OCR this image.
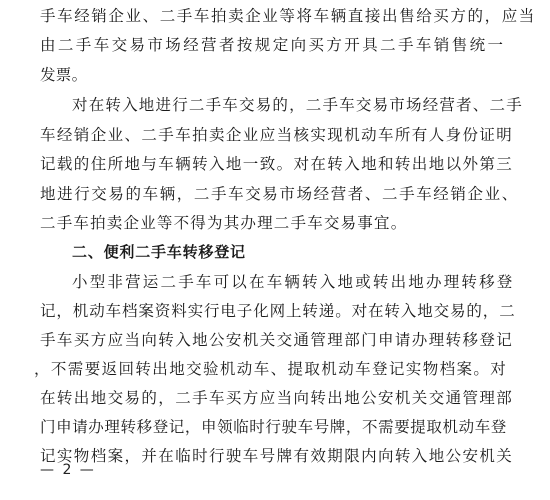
手车经销企业、二手车拍卖企业等将车辆直接出售给买方的，应当
由二手车交易市场经营者按规定向买方开具二手车销售统一
发票。
对在转入地进行二手车交易的，二手车交易市场经营者、二手
车经销企业、二手车拍卖企业应当核实现机动车所有人身份证明
记载的住所地与车辆转入地一致。对在转入地和转出地以外第三
地进行交易的车辆，二手车交易市场经营者、二手车经销企业、
二手车拍卖企业等不得为其办理二手车交易事宜。
二、便利二手车转移登记
小型非营运二手车可以在车辆转入地或转出地办理转移登
记，机动车档案资料实行电子化网上转递。对在转入地交易的，二
手车买方应当向转入地公安机关交通管理部门申请办理转移登记
，不需要返回转出地交验机动车、提取机动车登记实物档案。对
在转出地交易的，二手车买方应当向转出地公安机关交通管理部
门申请办理转移登记，申领临时行驶车号牌，不需要提取机动车登
记实物档案，并在临时行驶车号牌有效期限内向转入地公安机关
— 2 —
